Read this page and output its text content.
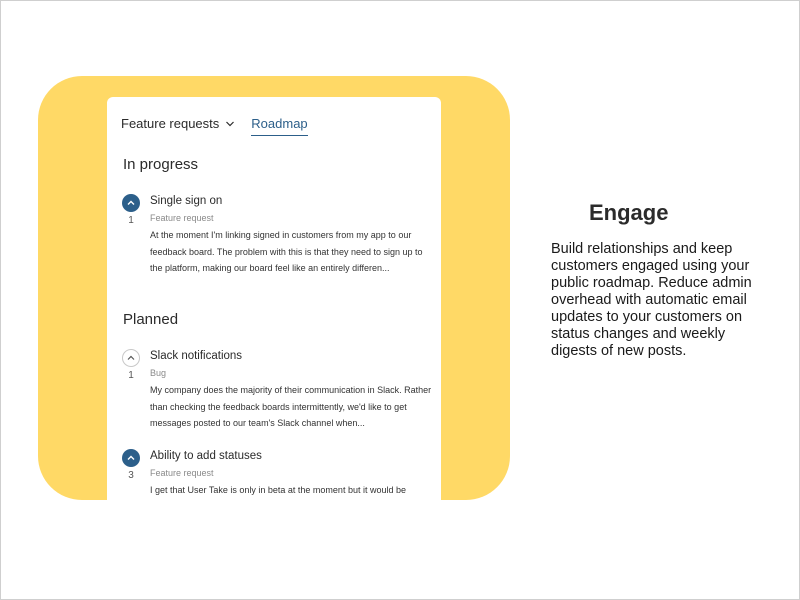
Feature requests Roadmap
In progress
1
Single sign on
Feature request
At the moment I'm linking signed in customers from my app to our feedback board. The problem with this is that they need to sign up to the platform, making our board feel like an entirely differen...
Planned
1
Slack notifications
Bug
My company does the majority of their communication in Slack. Rather than checking the feedback boards intermittently, we'd like to get messages posted to our team's Slack channel when...
3
Ability to add statuses
Feature request
I get that User Take is only in beta at the moment but it would be
Engage
Build relationships and keep customers engaged using your public roadmap. Reduce admin overhead with automatic email updates to your customers on status changes and weekly digests of new posts.
